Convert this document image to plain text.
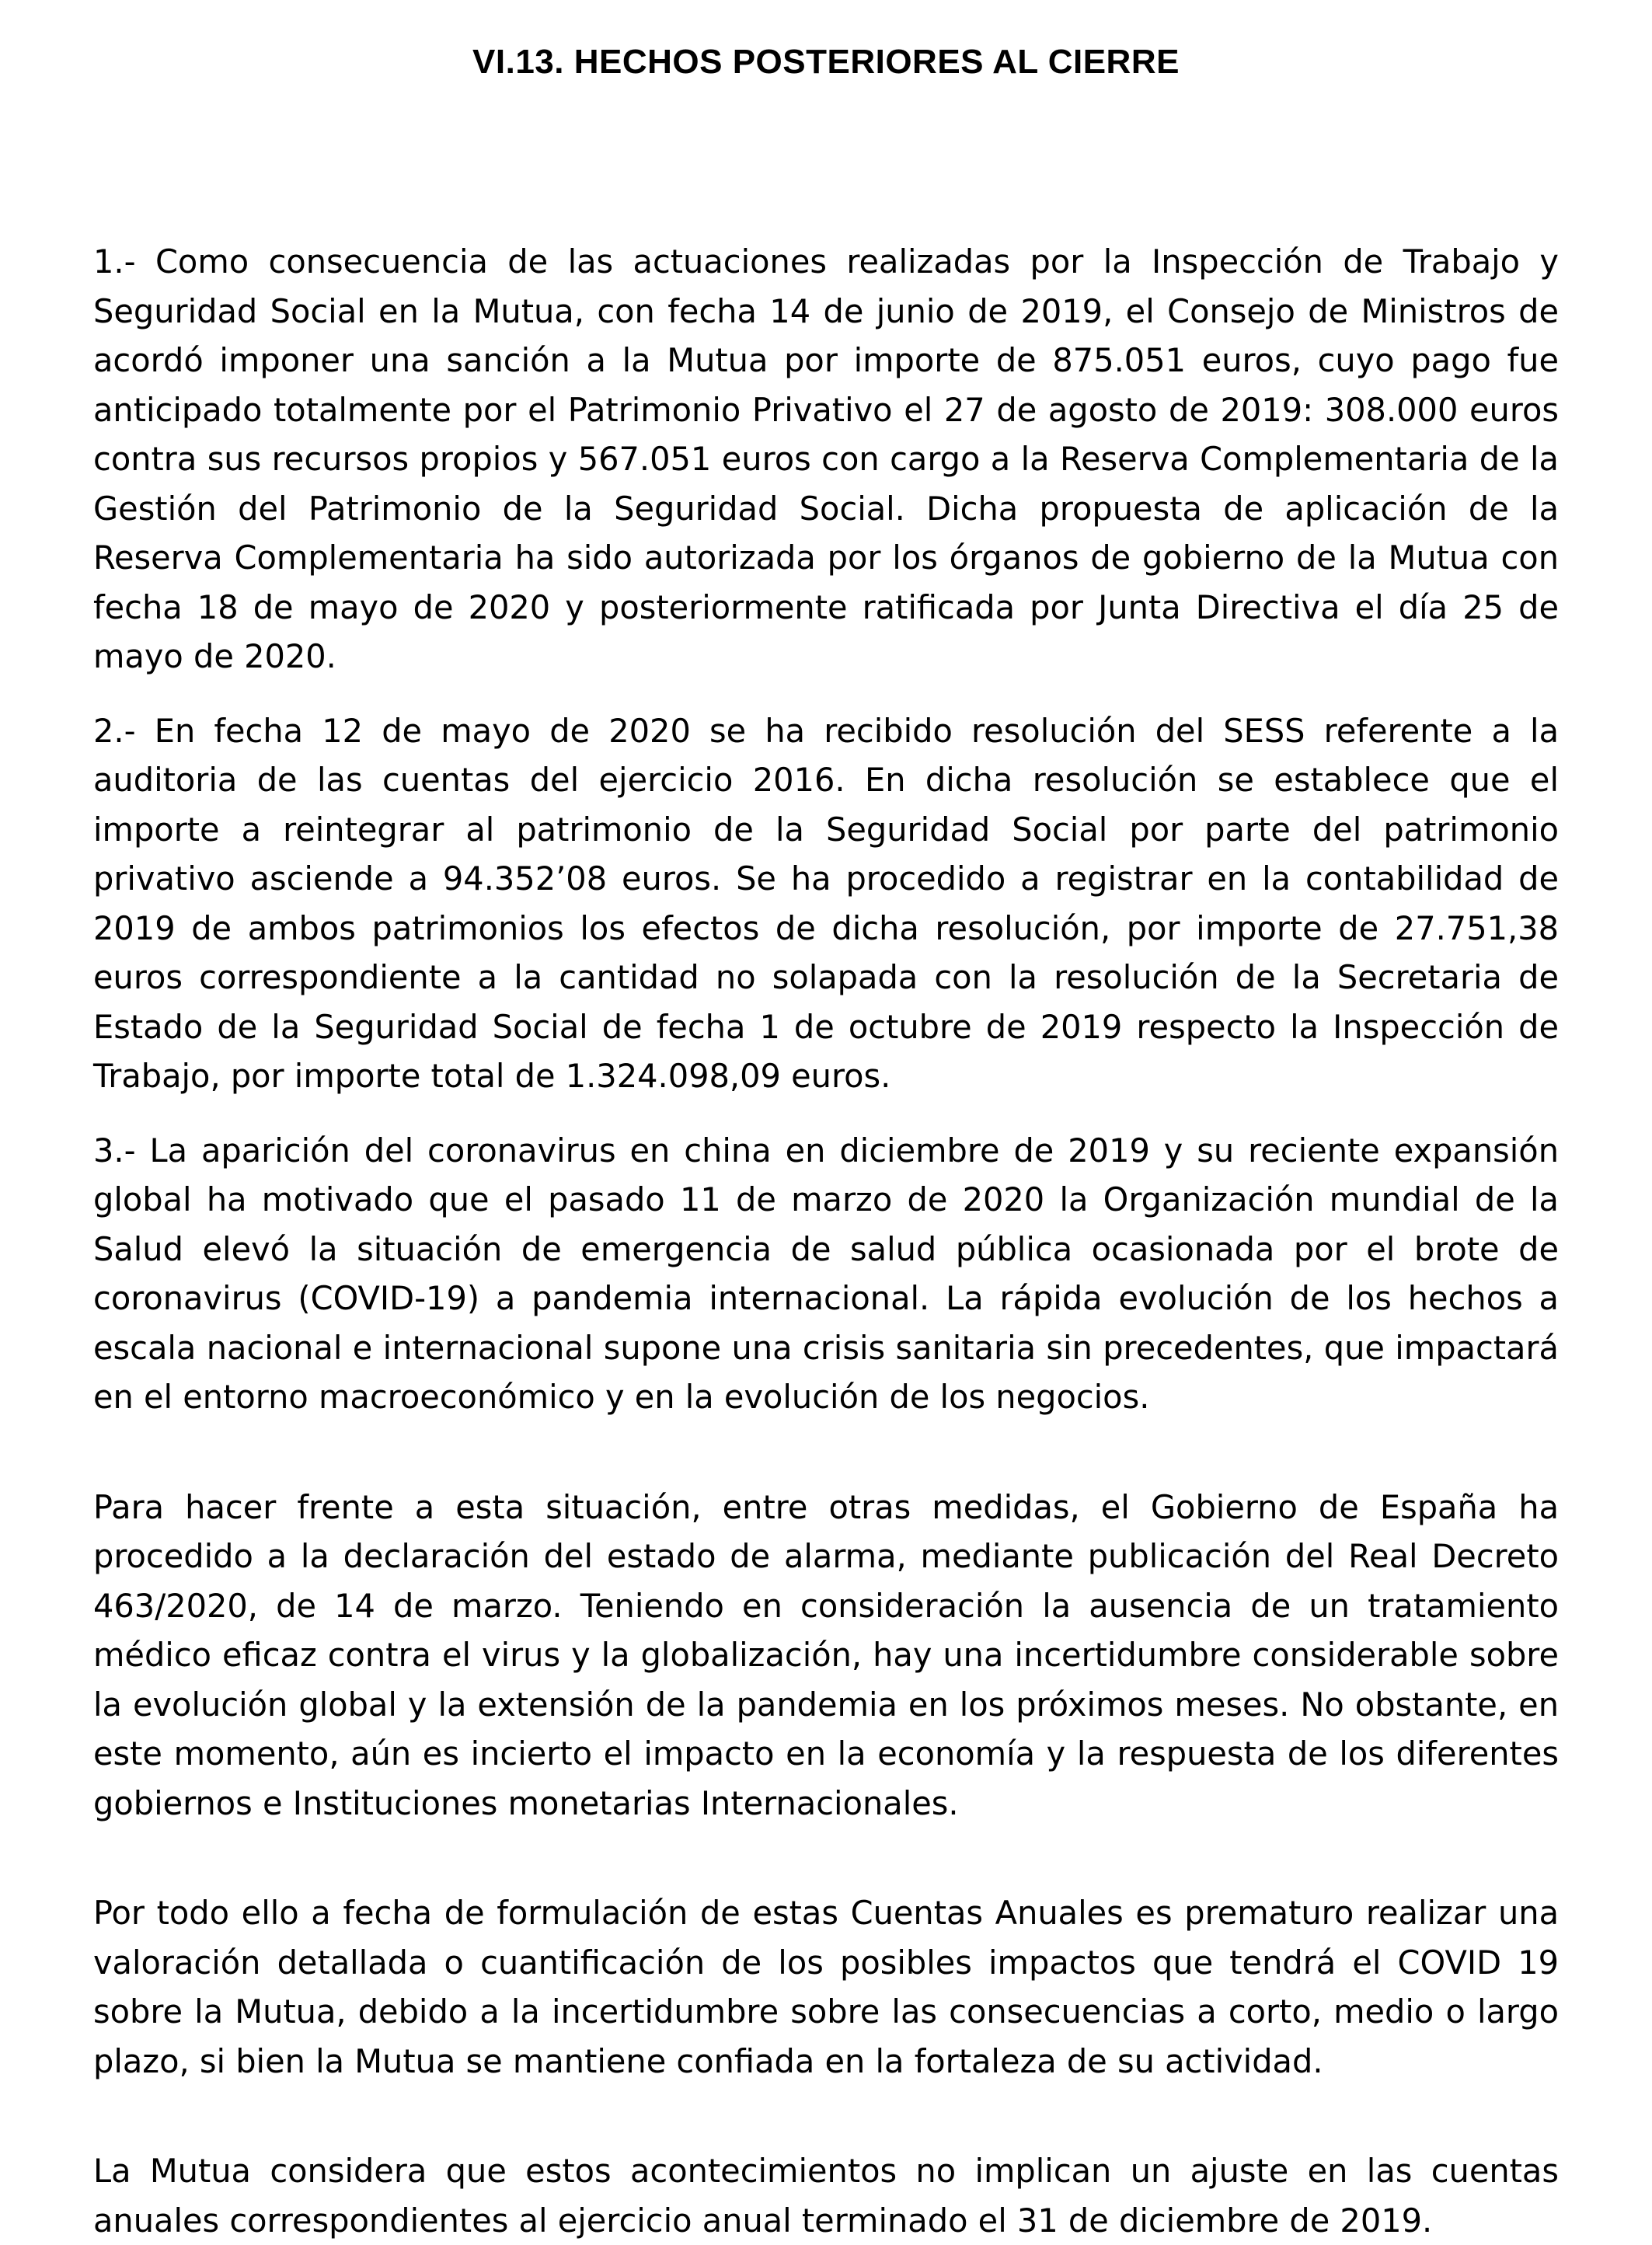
VI.13. HECHOS POSTERIORES AL CIERRE

1.- Como consecuencia de las actuaciones realizadas por la Inspección de Trabajo y Seguridad Social en la Mutua, con fecha 14 de junio de 2019, el Consejo de Ministros de acordó imponer una sanción a la Mutua por importe de 875.051 euros, cuyo pago fue anticipado totalmente por el Patrimonio Privativo el 27 de agosto de 2019: 308.000 euros contra sus recursos propios y 567.051 euros con cargo a la Reserva Complementaria de la Gestión del Patrimonio de la Seguridad Social. Dicha propuesta de aplicación de la Reserva Complementaria ha sido autorizada por los órganos de gobierno de la Mutua con fecha 18 de mayo de 2020 y posteriormente ratificada por Junta Directiva el día 25 de mayo de 2020.

2.- En fecha 12 de mayo de 2020 se ha recibido resolución del SESS referente a la auditoria de las cuentas del ejercicio 2016. En dicha resolución se establece que el importe a reintegrar al patrimonio de la Seguridad Social por parte del patrimonio privativo asciende a 94.352’08 euros. Se ha procedido a registrar en la contabilidad de 2019 de ambos patrimonios los efectos de dicha resolución, por importe de 27.751,38 euros correspondiente a la cantidad no solapada con la resolución de la Secretaria de Estado de la Seguridad Social de fecha 1 de octubre de 2019 respecto la Inspección de Trabajo, por importe total de 1.324.098,09 euros.

3.- La aparición del coronavirus en china en diciembre de 2019 y su reciente expansión global ha motivado que el pasado 11 de marzo de 2020 la Organización mundial de la Salud elevó la situación de emergencia de salud pública ocasionada por el brote de coronavirus (COVID-19) a pandemia internacional. La rápida evolución de los hechos a escala nacional e internacional supone una crisis sanitaria sin precedentes, que impactará en el entorno macroeconómico y en la evolución de los negocios.

Para hacer frente a esta situación, entre otras medidas, el Gobierno de España ha procedido a la declaración del estado de alarma, mediante publicación del Real Decreto 463/2020, de 14 de marzo. Teniendo en consideración la ausencia de un tratamiento médico eficaz contra el virus y la globalización, hay una incertidumbre considerable sobre la evolución global y la extensión de la pandemia en los próximos meses. No obstante, en este momento, aún es incierto el impacto en la economía y la respuesta de los diferentes gobiernos e Instituciones monetarias Internacionales.

Por todo ello a fecha de formulación de estas Cuentas Anuales es prematuro realizar una valoración detallada o cuantificación de los posibles impactos que tendrá el COVID 19 sobre la Mutua, debido a la incertidumbre sobre las consecuencias a corto, medio o largo plazo, si bien la Mutua se mantiene confiada en la fortaleza de su actividad.

La Mutua considera que estos acontecimientos no implican un ajuste en las cuentas anuales correspondientes al ejercicio anual terminado el 31 de diciembre de 2019.
